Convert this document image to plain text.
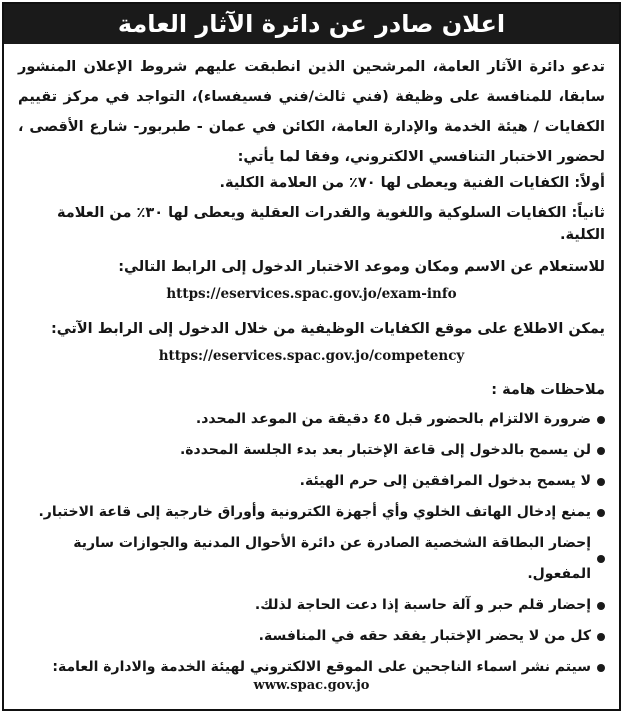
اعلان صادر عن دائرة الآثار العامة

تدعو دائرة الآثار العامة، المرشحين الذين انطبقت عليهم شروط الإعلان المنشور سابقا، للمنافسة على وظيفة (فني ثالث/فني فسيفساء)، التواجد في مركز تقييم الكفايات / هيئة الخدمة والإدارة العامة، الكائن في عمان - طبربور- شارع الأقصى ، لحضور الاختبار التنافسي الالكتروني، وفقا لما يأتي:

أولاً: الكفايات الفنية ويعطى لها ٧٠٪ من العلامة الكلية.
ثانياً: الكفايات السلوكية واللغوية والقدرات العقلية ويعطى لها ٣٠٪ من العلامة الكلية.
للاستعلام عن الاسم ومكان وموعد الاختبار الدخول إلى الرابط التالي:
https://eservices.spac.gov.jo/exam-info
يمكن الاطلاع على موقع الكفايات الوظيفية من خلال الدخول إلى الرابط الآتي:
https://eservices.spac.gov.jo/competency
ملاحظات هامة :
ضرورة الالتزام بالحضور قبل ٤٥ دقيقة من الموعد المحدد.
لن يسمح بالدخول إلى قاعة الإختبار بعد بدء الجلسة المحددة.
لا يسمح بدخول المرافقين إلى حرم الهيئة.
يمنع إدخال الهاتف الخلوي وأي أجهزة الكترونية وأوراق خارجية إلى قاعة الاختبار.
إحضار البطاقة الشخصية الصادرة عن دائرة الأحوال المدنية والجوازات سارية المفعول.
إحضار قلم حبر و آلة حاسبة إذا دعت الحاجة لذلك.
كل من لا يحضر الإختبار يفقد حقه في المنافسة.
سيتم نشر اسماء الناجحين على الموقع الالكتروني لهيئة الخدمة والادارة العامة:
www.spac.gov.jo
